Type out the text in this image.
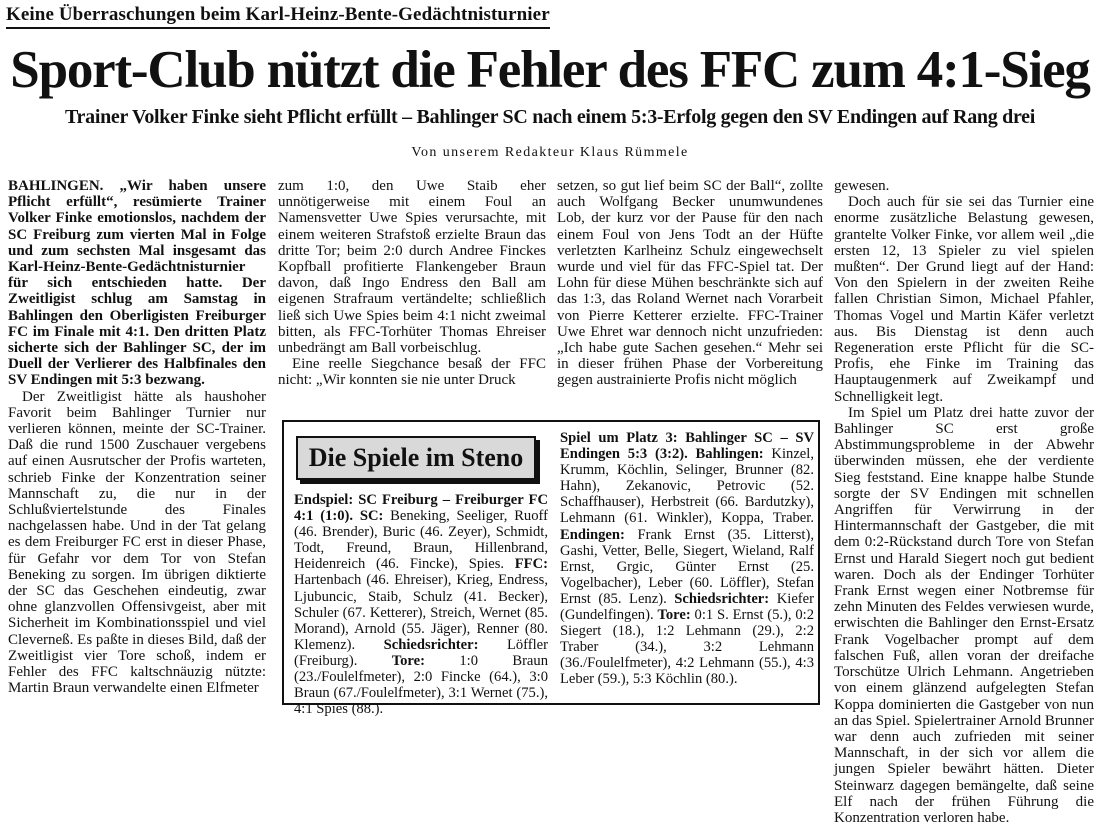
Keine Überraschungen beim Karl-Heinz-Bente-Gedächtnisturnier
Sport-Club nützt die Fehler des FFC zum 4:1-Sieg
Trainer Volker Finke sieht Pflicht erfüllt – Bahlinger SC nach einem 5:3-Erfolg gegen den SV Endingen auf Rang drei
Von unserem Redakteur Klaus Rümmele

BAHLINGEN. „Wir haben unsere Pflicht erfüllt“, resümierte Trainer Volker Finke emotionslos, nachdem der SC Freiburg zum vierten Mal in Folge und zum sechsten Mal insgesamt das Karl-Heinz-Bente-Gedächtnisturnier für sich entschieden hatte. Der Zweitligist schlug am Samstag in Bahlingen den Oberligisten Freiburger FC im Finale mit 4:1. Den dritten Platz sicherte sich der Bahlinger SC, der im Duell der Verlierer des Halbfinales den SV Endingen mit 5:3 bezwang.

Der Zweitligist hätte als haushoher Favorit beim Bahlinger Turnier nur verlieren können, meinte der SC-Trainer. Daß die rund 1500 Zuschauer vergebens auf einen Ausrutscher der Profis warteten, schrieb Finke der Konzentration seiner Mannschaft zu, die nur in der Schlußviertelstunde des Finales nachgelassen habe. Und in der Tat gelang es dem Freiburger FC erst in dieser Phase, für Gefahr vor dem Tor von Stefan Beneking zu sorgen. Im übrigen diktierte der SC das Geschehen eindeutig, zwar ohne glanzvollen Offensivgeist, aber mit Sicherheit im Kombinationsspiel und viel Cleverneß. Es paßte in dieses Bild, daß der Zweitligist vier Tore schoß, indem er Fehler des FFC kaltschnäuzig nützte: Martin Braun verwandelte einen Elfmeter

zum 1:0, den Uwe Staib eher unnötigerweise mit einem Foul an Namensvetter Uwe Spies verursachte, mit einem weiteren Strafstoß erzielte Braun das dritte Tor; beim 2:0 durch Andree Finckes Kopfball profitierte Flankengeber Braun davon, daß Ingo Endress den Ball am eigenen Strafraum vertändelte; schließlich ließ sich Uwe Spies beim 4:1 nicht zweimal bitten, als FFC-Torhüter Thomas Ehreiser unbedrängt am Ball vorbeischlug.

Eine reelle Siegchance besaß der FFC nicht: „Wir konnten sie nie unter Druck

setzen, so gut lief beim SC der Ball“, zollte auch Wolfgang Becker unumwundenes Lob, der kurz vor der Pause für den nach einem Foul von Jens Todt an der Hüfte verletzten Karlheinz Schulz eingewechselt wurde und viel für das FFC-Spiel tat. Der Lohn für diese Mühen beschränkte sich auf das 1:3, das Roland Wernet nach Vorarbeit von Pierre Ketterer erzielte. FFC-Trainer Uwe Ehret war dennoch nicht unzufrieden: „Ich habe gute Sachen gesehen.“ Mehr sei in dieser frühen Phase der Vorbereitung gegen austrainierte Profis nicht möglich

gewesen.

Doch auch für sie sei das Turnier eine enorme zusätzliche Belastung gewesen, grantelte Volker Finke, vor allem weil „die ersten 12, 13 Spieler zu viel spielen mußten“. Der Grund liegt auf der Hand: Von den Spielern in der zweiten Reihe fallen Christian Simon, Michael Pfahler, Thomas Vogel und Martin Käfer verletzt aus. Bis Dienstag ist denn auch Regeneration erste Pflicht für die SC-Profis, ehe Finke im Training das Hauptaugenmerk auf Zweikampf und Schnelligkeit legt.

Im Spiel um Platz drei hatte zuvor der Bahlinger SC erst große Abstimmungsprobleme in der Abwehr überwinden müssen, ehe der verdiente Sieg feststand. Eine knappe halbe Stunde sorgte der SV Endingen mit schnellen Angriffen für Verwirrung in der Hintermannschaft der Gastgeber, die mit dem 0:2-Rückstand durch Tore von Stefan Ernst und Harald Siegert noch gut bedient waren. Doch als der Endinger Torhüter Frank Ernst wegen einer Notbremse für zehn Minuten des Feldes verwiesen wurde, erwischten die Bahlinger den Ernst-Ersatz Frank Vogelbacher prompt auf dem falschen Fuß, allen voran der dreifache Torschütze Ulrich Lehmann. Angetrieben von einem glänzend aufgelegten Stefan Koppa dominierten die Gastgeber von nun an das Spiel. Spielertrainer Arnold Brunner war denn auch zufrieden mit seiner Mannschaft, in der sich vor allem die jungen Spieler bewährt hätten. Dieter Steinwarz dagegen bemängelte, daß seine Elf nach der frühen Führung die Konzentration verloren habe.

Die Spiele im Steno

Endspiel: SC Freiburg – Freiburger FC 4:1 (1:0). SC: Beneking, Seeliger, Ruoff (46. Brender), Buric (46. Zeyer), Schmidt, Todt, Freund, Braun, Hillenbrand, Heidenreich (46. Fincke), Spies. FFC: Hartenbach (46. Ehreiser), Krieg, Endress, Ljubuncic, Staib, Schulz (41. Becker), Schuler (67. Ketterer), Streich, Wernet (85. Morand), Arnold (55. Jäger), Renner (80. Klemenz). Schiedsrichter: Löffler (Freiburg). Tore: 1:0 Braun (23./Foulelfmeter), 2:0 Fincke (64.), 3:0 Braun (67./Foulelfmeter), 3:1 Wernet (75.), 4:1 Spies (88.).

Spiel um Platz 3: Bahlinger SC – SV Endingen 5:3 (3:2). Bahlingen: Kinzel, Krumm, Köchlin, Selinger, Brunner (82. Hahn), Zekanovic, Petrovic (52. Schaffhauser), Herbstreit (66. Bardutzky), Lehmann (61. Winkler), Koppa, Traber. Endingen: Frank Ernst (35. Litterst), Gashi, Vetter, Belle, Siegert, Wieland, Ralf Ernst, Grgic, Günter Ernst (25. Vogelbacher), Leber (60. Löffler), Stefan Ernst (85. Lenz). Schiedsrichter: Kiefer (Gundelfingen). Tore: 0:1 S. Ernst (5.), 0:2 Siegert (18.), 1:2 Lehmann (29.), 2:2 Traber (34.), 3:2 Lehmann (36./Foulelfmeter), 4:2 Lehmann (55.), 4:3 Leber (59.), 5:3 Köchlin (80.).
